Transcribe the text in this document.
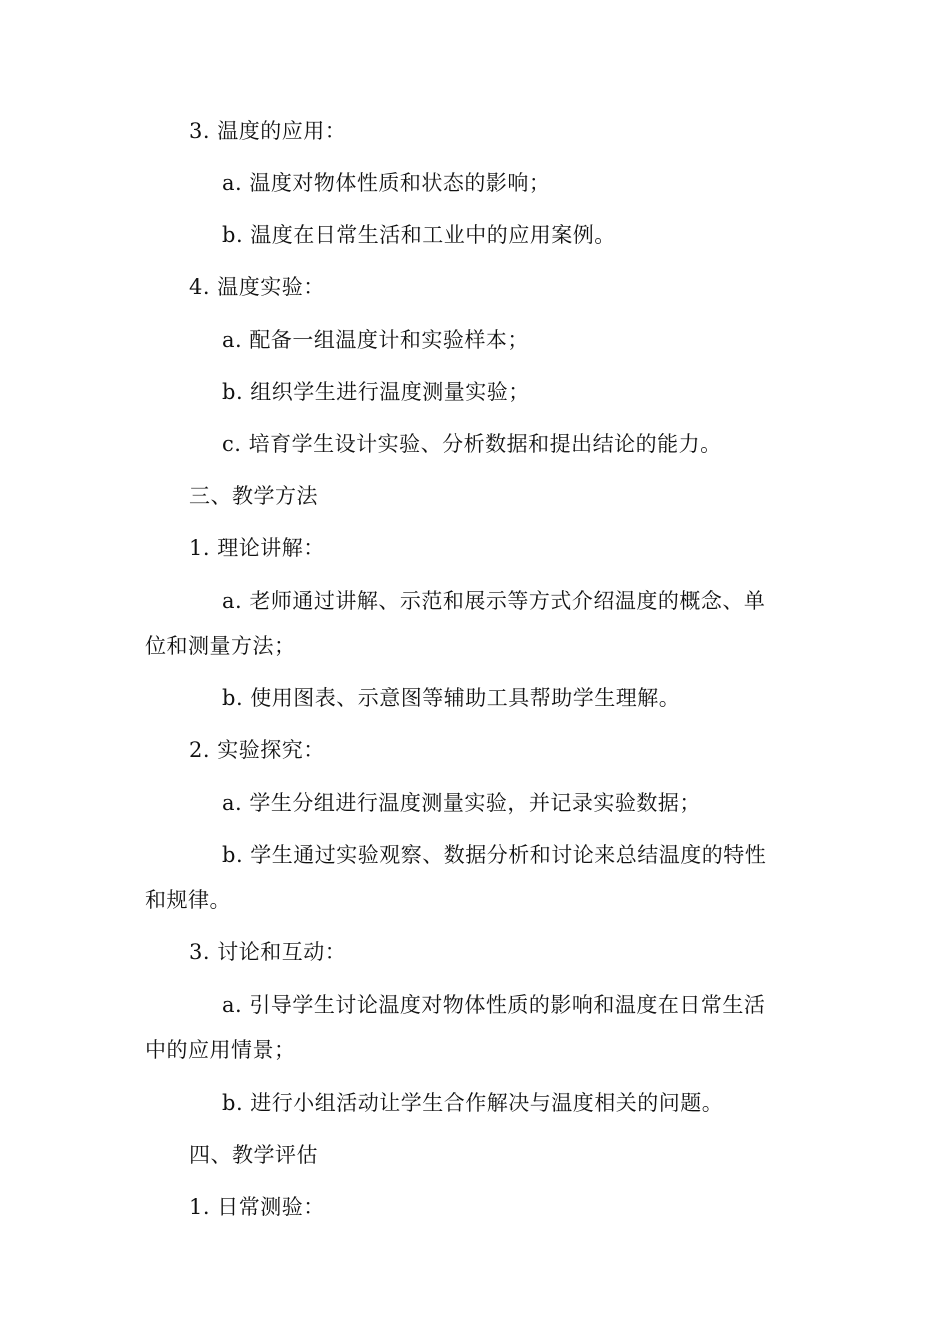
3. 温度的应用：
a. 温度对物体性质和状态的影响；
b. 温度在日常生活和工业中的应用案例。
4. 温度实验：
a. 配备一组温度计和实验样本；
b. 组织学生进行温度测量实验；
c. 培育学生设计实验、分析数据和提出结论的能力。
三、教学方法
1. 理论讲解：
a. 老师通过讲解、示范和展示等方式介绍温度的概念、单
位和测量方法；
b. 使用图表、示意图等辅助工具帮助学生理解。
2. 实验探究：
a. 学生分组进行温度测量实验，并记录实验数据；
b. 学生通过实验观察、数据分析和讨论来总结温度的特性
和规律。
3. 讨论和互动：
a. 引导学生讨论温度对物体性质的影响和温度在日常生活
中的应用情景；
b. 进行小组活动让学生合作解决与温度相关的问题。
四、教学评估
1. 日常测验：
